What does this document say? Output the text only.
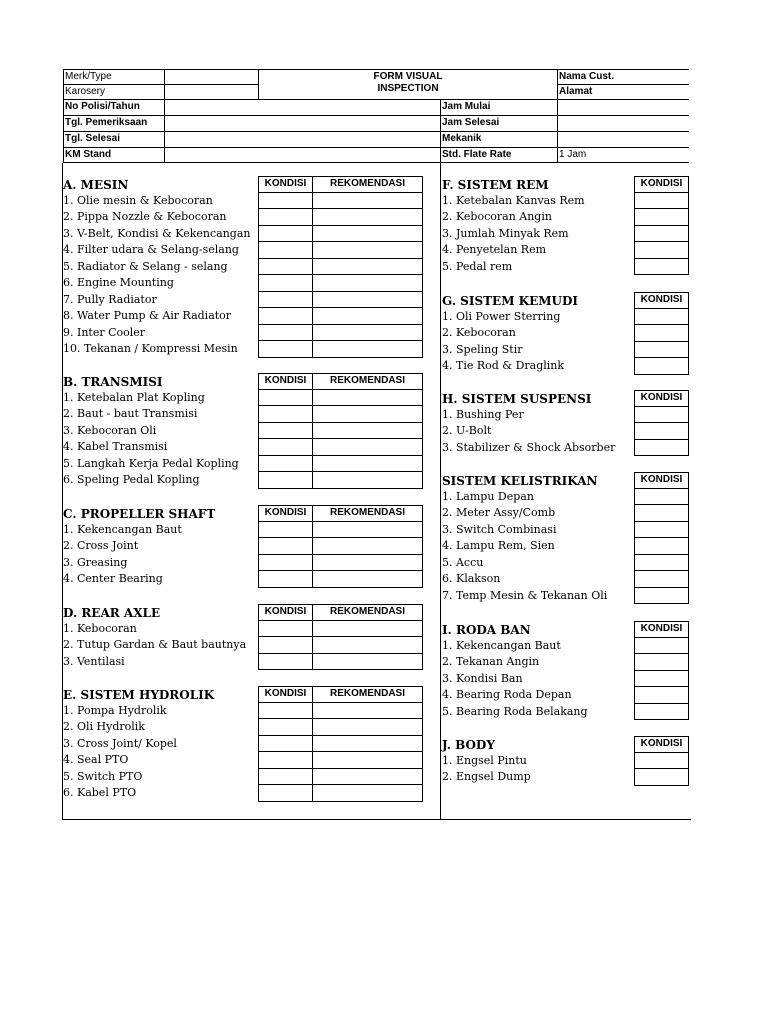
Merk/Type
Karosery
No Polisi/Tahun
Tgl. Pemeriksaan
Tgl. Selesai
KM Stand
FORM VISUAL
INSPECTION
Nama Cust.
Alamat
Jam Mulai
Jam Selesai
Mekanik
Std. Flate Rate	1 Jam
A. MESIN	KONDISI	REKOMENDASI
1. Olie mesin & Kebocoran
2. Pippa Nozzle & Kebocoran
3. V-Belt, Kondisi & Kekencangan
4. Filter udara & Selang-selang
5. Radiator & Selang - selang
6. Engine Mounting
7. Pully Radiator
8. Water Pump & Air Radiator
9. Inter Cooler
10. Tekanan / Kompressi Mesin
B. TRANSMISI	KONDISI	REKOMENDASI
1. Ketebalan Plat Kopling
2. Baut - baut Transmisi
3. Kebocoran Oli
4. Kabel Transmisi
5. Langkah Kerja Pedal Kopling
6. Speling Pedal Kopling
C. PROPELLER SHAFT	KONDISI	REKOMENDASI
1. Kekencangan Baut
2. Cross Joint
3. Greasing
4. Center Bearing
D. REAR AXLE	KONDISI	REKOMENDASI
1. Kebocoran
2. Tutup Gardan & Baut bautnya
3. Ventilasi
E. SISTEM HYDROLIK	KONDISI	REKOMENDASI
1. Pompa Hydrolik
2. Oli Hydrolik
3. Cross Joint/ Kopel
4. Seal PTO
5. Switch PTO
6. Kabel PTO
F. SISTEM REM	KONDISI
1. Ketebalan Kanvas Rem
2. Kebocoran Angin
3. Jumlah Minyak Rem
4. Penyetelan Rem
5. Pedal rem
G. SISTEM KEMUDI	KONDISI
1. Oli Power Sterring
2. Kebocoran
3. Speling Stir
4. Tie Rod & Draglink
H. SISTEM SUSPENSI	KONDISI
1. Bushing Per
2. U-Bolt
3. Stabilizer & Shock Absorber
SISTEM KELISTRIKAN	KONDISI
1. Lampu Depan
2. Meter Assy/Comb
3. Switch Combinasi
4. Lampu Rem, Sien
5. Accu
6. Klakson
7. Temp Mesin & Tekanan Oli
I. RODA BAN	KONDISI
1. Kekencangan Baut
2. Tekanan Angin
3. Kondisi Ban
4. Bearing Roda Depan
5. Bearing Roda Belakang
J. BODY	KONDISI
1. Engsel Pintu
2. Engsel Dump
